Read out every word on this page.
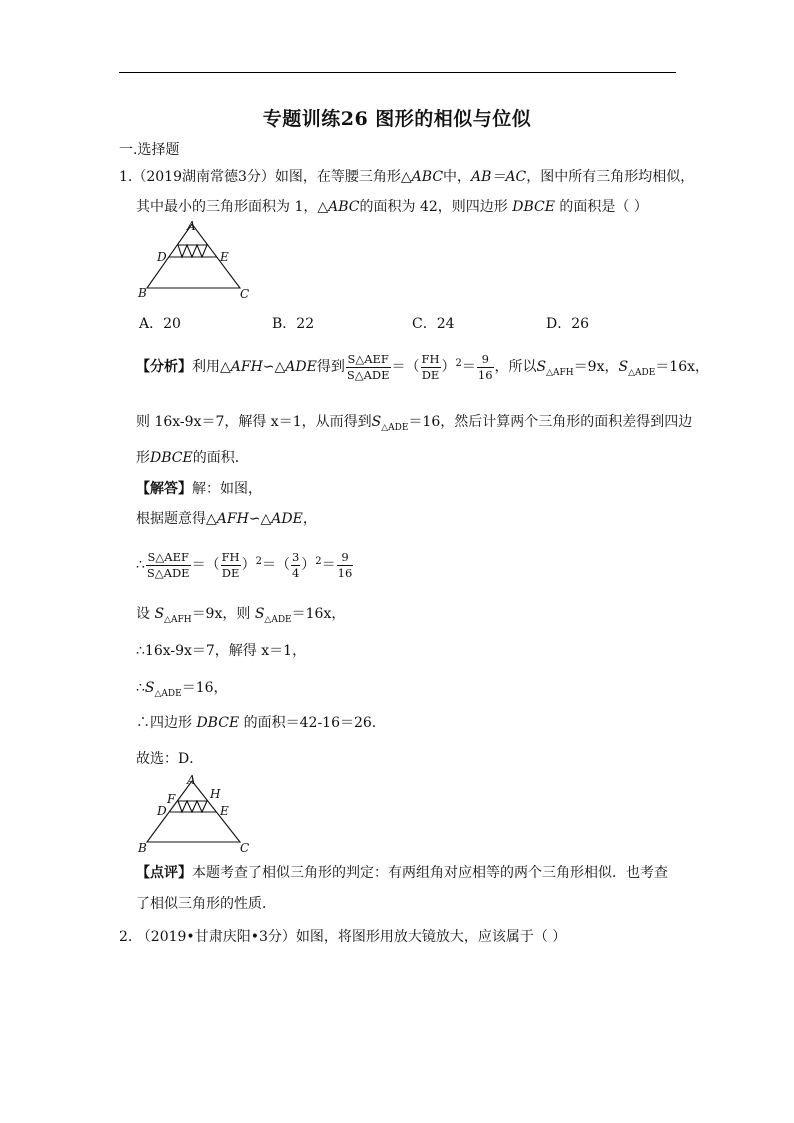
专题训练26 图形的相似与位似
一.选择题
1.（2019湖南常德3分）如图，在等腰三角形△ABC中，AB＝AC，图中所有三角形均相似，
其中最小的三角形面积为 1，△ABC的面积为 42，则四边形 DBCE 的面积是（ ）
A
B	C
D	E
A．20	B．22	C．24	D．26
【分析】利用△AFH∽△ADE得到 $\frac{\text{S△AEF}}{\text{S△ADE}}$ ＝（ $\frac{FH}{DE} )^2= \frac{9}{16}$ ，所以$S_{\triangle AFH}=9x$，$S_{\triangle ADE}=16x$，
则 16x-9x＝7，解得 x＝1，从而得到$S_{\triangle ADE}=16$，然后计算两个三角形的面积差得到四边
形DBCE的面积．
【解答】解：如图，
根据题意得△AFH∽△ADE，
∴ $\frac{\text{S△AEF}}{\text{S△ADE}}$ ＝（ $\frac{FH}{DE} )^2=( \frac{3}{4} )^2= \frac{9}{16}$
设 $S_{\triangle AFH}=9x$，则 $S_{\triangle ADE}=16x$，
∴16x-9x＝7，解得 x＝1，
$\therefore S_{\triangle ADE}=16$，
∴四边形 DBCE 的面积＝42-16＝26．
故选：D．
A
F	H
D	E
B	C
【点评】本题考查了相似三角形的判定：有两组角对应相等的两个三角形相似．也考查
了相似三角形的性质．
2. （2019•甘肃庆阳•3分）如图，将图形用放大镜放大，应该属于（ ）
